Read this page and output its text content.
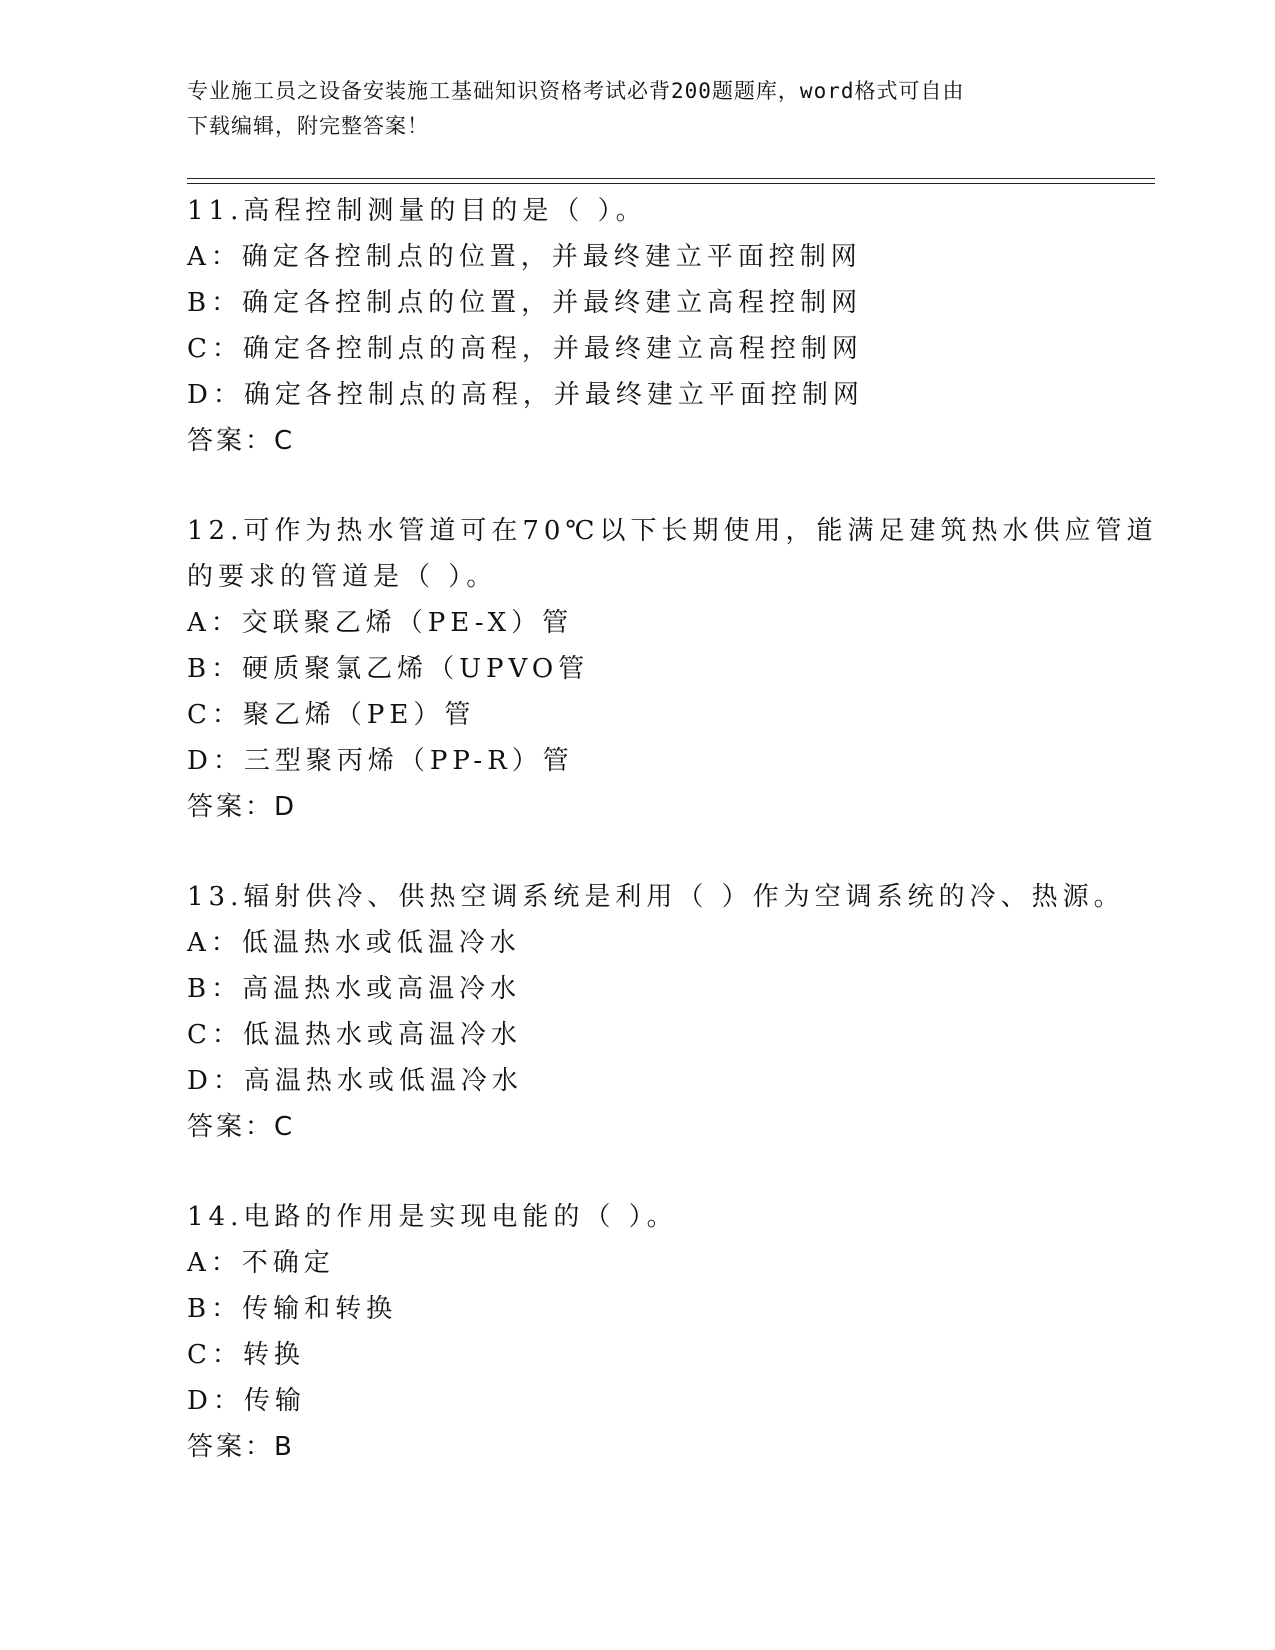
专业施工员之设备安装施工基础知识资格考试必背200题题库，word格式可自由
下载编辑，附完整答案！
11.高程控制测量的目的是（ ）。
A：确定各控制点的位置，并最终建立平面控制网
B：确定各控制点的位置，并最终建立高程控制网
C：确定各控制点的高程，并最终建立高程控制网
D：确定各控制点的高程，并最终建立平面控制网
答案：C
12.可作为热水管道可在70℃以下长期使用，能满足建筑热水供应管道
的要求的管道是（ ）。
A：交联聚乙烯（PE-X）管
B：硬质聚氯乙烯（UPVO管
C：聚乙烯（PE）管
D：三型聚丙烯（PP-R）管
答案：D
13.辐射供冷、供热空调系统是利用（ ）作为空调系统的冷、热源。
A：低温热水或低温冷水
B：高温热水或高温冷水
C：低温热水或高温冷水
D：高温热水或低温冷水
答案：C
14.电路的作用是实现电能的（ ）。
A：不确定
B：传输和转换
C：转换
D：传输
答案：B
